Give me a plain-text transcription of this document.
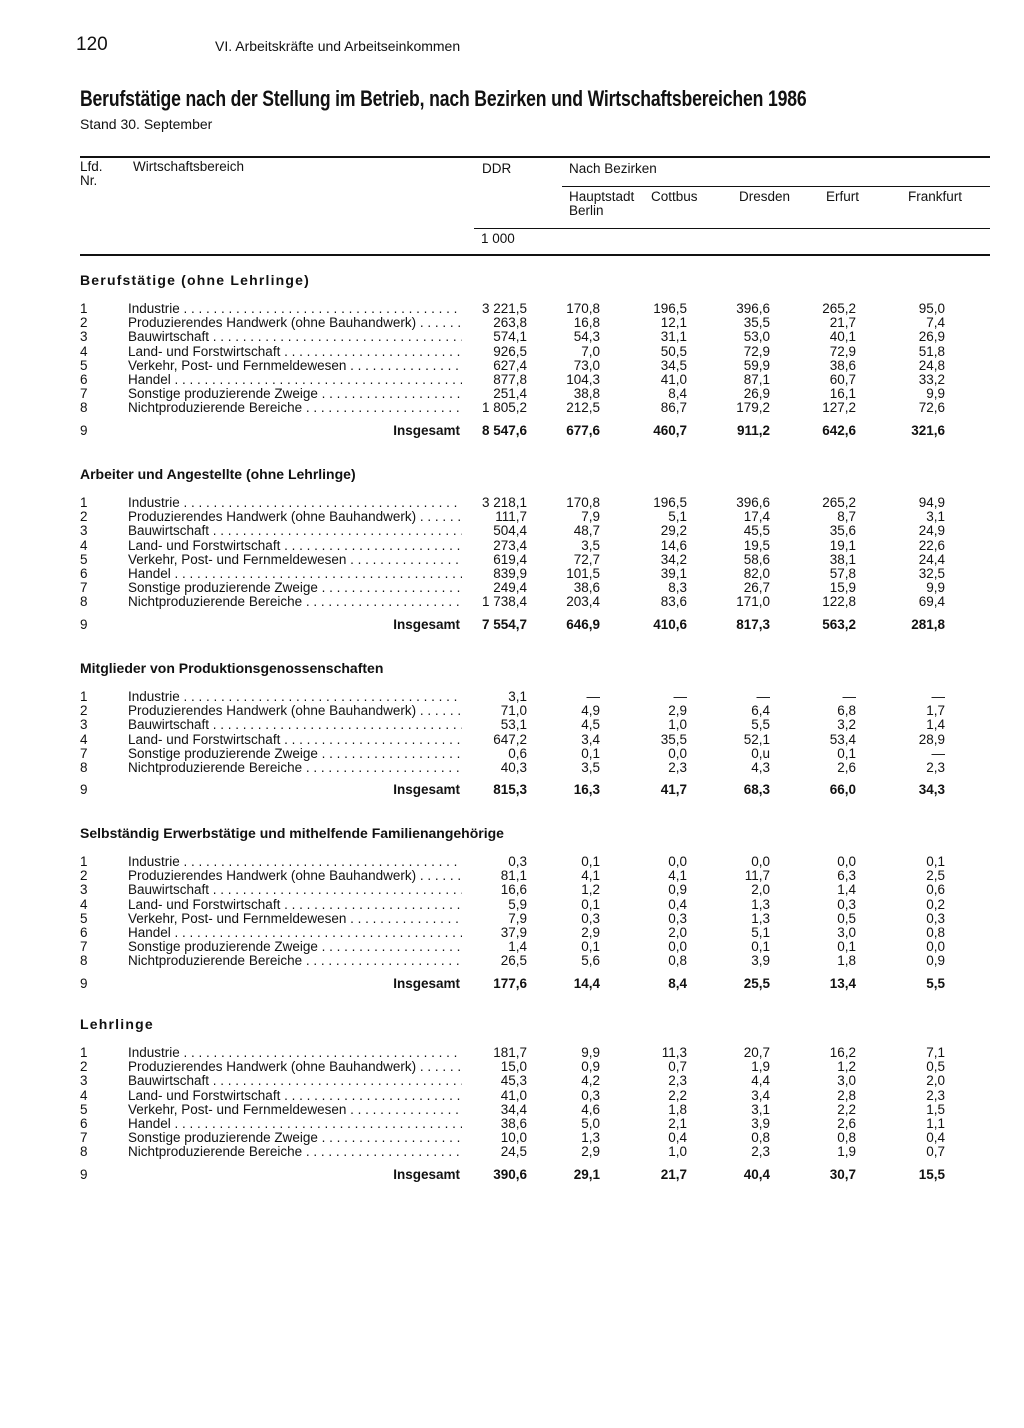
120	VI. Arbeitskräfte und Arbeitseinkommen
Berufstätige nach der Stellung im Betrieb, nach Bezirken und Wirtschaftsbereichen 1986
Stand 30. September
Lfd. Nr.
Wirtschaftsbereich	DDR	Nach Bezirken
Hauptstadt Berlin
Cottbus	Dresden	Erfurt	Frankfurt
1 000
Berufstätige (ohne Lehrlinge)
1	Industrie . . .	3 221,5	170,8	196,5	396,6	265,2	95,0
2	Produzierendes Handwerk (ohne Bauhandwerk) . . .	263,8	16,8	12,1	35,5	21,7	7,4
3	Bauwirtschaft . . .	574,1	54,3	31,1	53,0	40,1	26,9
4	Land- und Forstwirtschaft . . .	926,5	7,0	50,5	72,9	72,9	51,8
5	Verkehr, Post- und Fernmeldewesen . . .	627,4	73,0	34,5	59,9	38,6	24,8
6	Handel . . .	877,8	104,3	41,0	87,1	60,7	33,2
7	Sonstige produzierende Zweige . . .	251,4	38,8	8,4	26,9	16,1	9,9
8	Nichtproduzierende Bereiche . . .	1 805,2	212,5	86,7	179,2	127,2	72,6
9	Insgesamt	8 547,6	677,6	460,7	911,2	642,6	321,6
Arbeiter und Angestellte (ohne Lehrlinge)
1	Industrie . . .	3 218,1	170,8	196,5	396,6	265,2	94,9
2	Produzierendes Handwerk (ohne Bauhandwerk) . . .	111,7	7,9	5,1	17,4	8,7	3,1
3	Bauwirtschaft . . .	504,4	48,7	29,2	45,5	35,6	24,9
4	Land- und Forstwirtschaft . . .	273,4	3,5	14,6	19,5	19,1	22,6
5	Verkehr, Post- und Fernmeldewesen . . .	619,4	72,7	34,2	58,6	38,1	24,4
6	Handel . . .	839,9	101,5	39,1	82,0	57,8	32,5
7	Sonstige produzierende Zweige . . .	249,4	38,6	8,3	26,7	15,9	9,9
8	Nichtproduzierende Bereiche . . .	1 738,4	203,4	83,6	171,0	122,8	69,4
9	Insgesamt	7 554,7	646,9	410,6	817,3	563,2	281,8
Mitglieder von Produktionsgenossenschaften
1	Industrie . . .	3,1	—	—	—	—	—
2	Produzierendes Handwerk (ohne Bauhandwerk) . . .	71,0	4,9	2,9	6,4	6,8	1,7
3	Bauwirtschaft . . .	53,1	4,5	1,0	5,5	3,2	1,4
4	Land- und Forstwirtschaft . . .	647,2	3,4	35,5	52,1	53,4	28,9
7	Sonstige produzierende Zweige . . .	0,6	0,1	0,0	0,u	0,1	—
8	Nichtproduzierende Bereiche . . .	40,3	3,5	2,3	4,3	2,6	2,3
9	Insgesamt	815,3	16,3	41,7	68,3	66,0	34,3
Selbständig Erwerbstätige und mithelfende Familienangehörige
1	Industrie . . .	0,3	0,1	0,0	0,0	0,0	0,1
2	Produzierendes Handwerk (ohne Bauhandwerk) . . .	81,1	4,1	4,1	11,7	6,3	2,5
3	Bauwirtschaft . . .	16,6	1,2	0,9	2,0	1,4	0,6
4	Land- und Forstwirtschaft . . .	5,9	0,1	0,4	1,3	0,3	0,2
5	Verkehr, Post- und Fernmeldewesen . . .	7,9	0,3	0,3	1,3	0,5	0,3
6	Handel . . .	37,9	2,9	2,0	5,1	3,0	0,8
7	Sonstige produzierende Zweige . . .	1,4	0,1	0,0	0,1	0,1	0,0
8	Nichtproduzierende Bereiche . . .	26,5	5,6	0,8	3,9	1,8	0,9
9	Insgesamt	177,6	14,4	8,4	25,5	13,4	5,5
Lehrlinge
1	Industrie . . .	181,7	9,9	11,3	20,7	16,2	7,1
2	Produzierendes Handwerk (ohne Bauhandwerk) . . .	15,0	0,9	0,7	1,9	1,2	0,5
3	Bauwirtschaft . . .	45,3	4,2	2,3	4,4	3,0	2,0
4	Land- und Forstwirtschaft . . .	41,0	0,3	2,2	3,4	2,8	2,3
5	Verkehr, Post- und Fernmeldewesen . . .	34,4	4,6	1,8	3,1	2,2	1,5
6	Handel . . .	38,6	5,0	2,1	3,9	2,6	1,1
7	Sonstige produzierende Zweige . . .	10,0	1,3	0,4	0,8	0,8	0,4
8	Nichtproduzierende Bereiche . . .	24,5	2,9	1,0	2,3	1,9	0,7
9	Insgesamt	390,6	29,1	21,7	40,4	30,7	15,5
